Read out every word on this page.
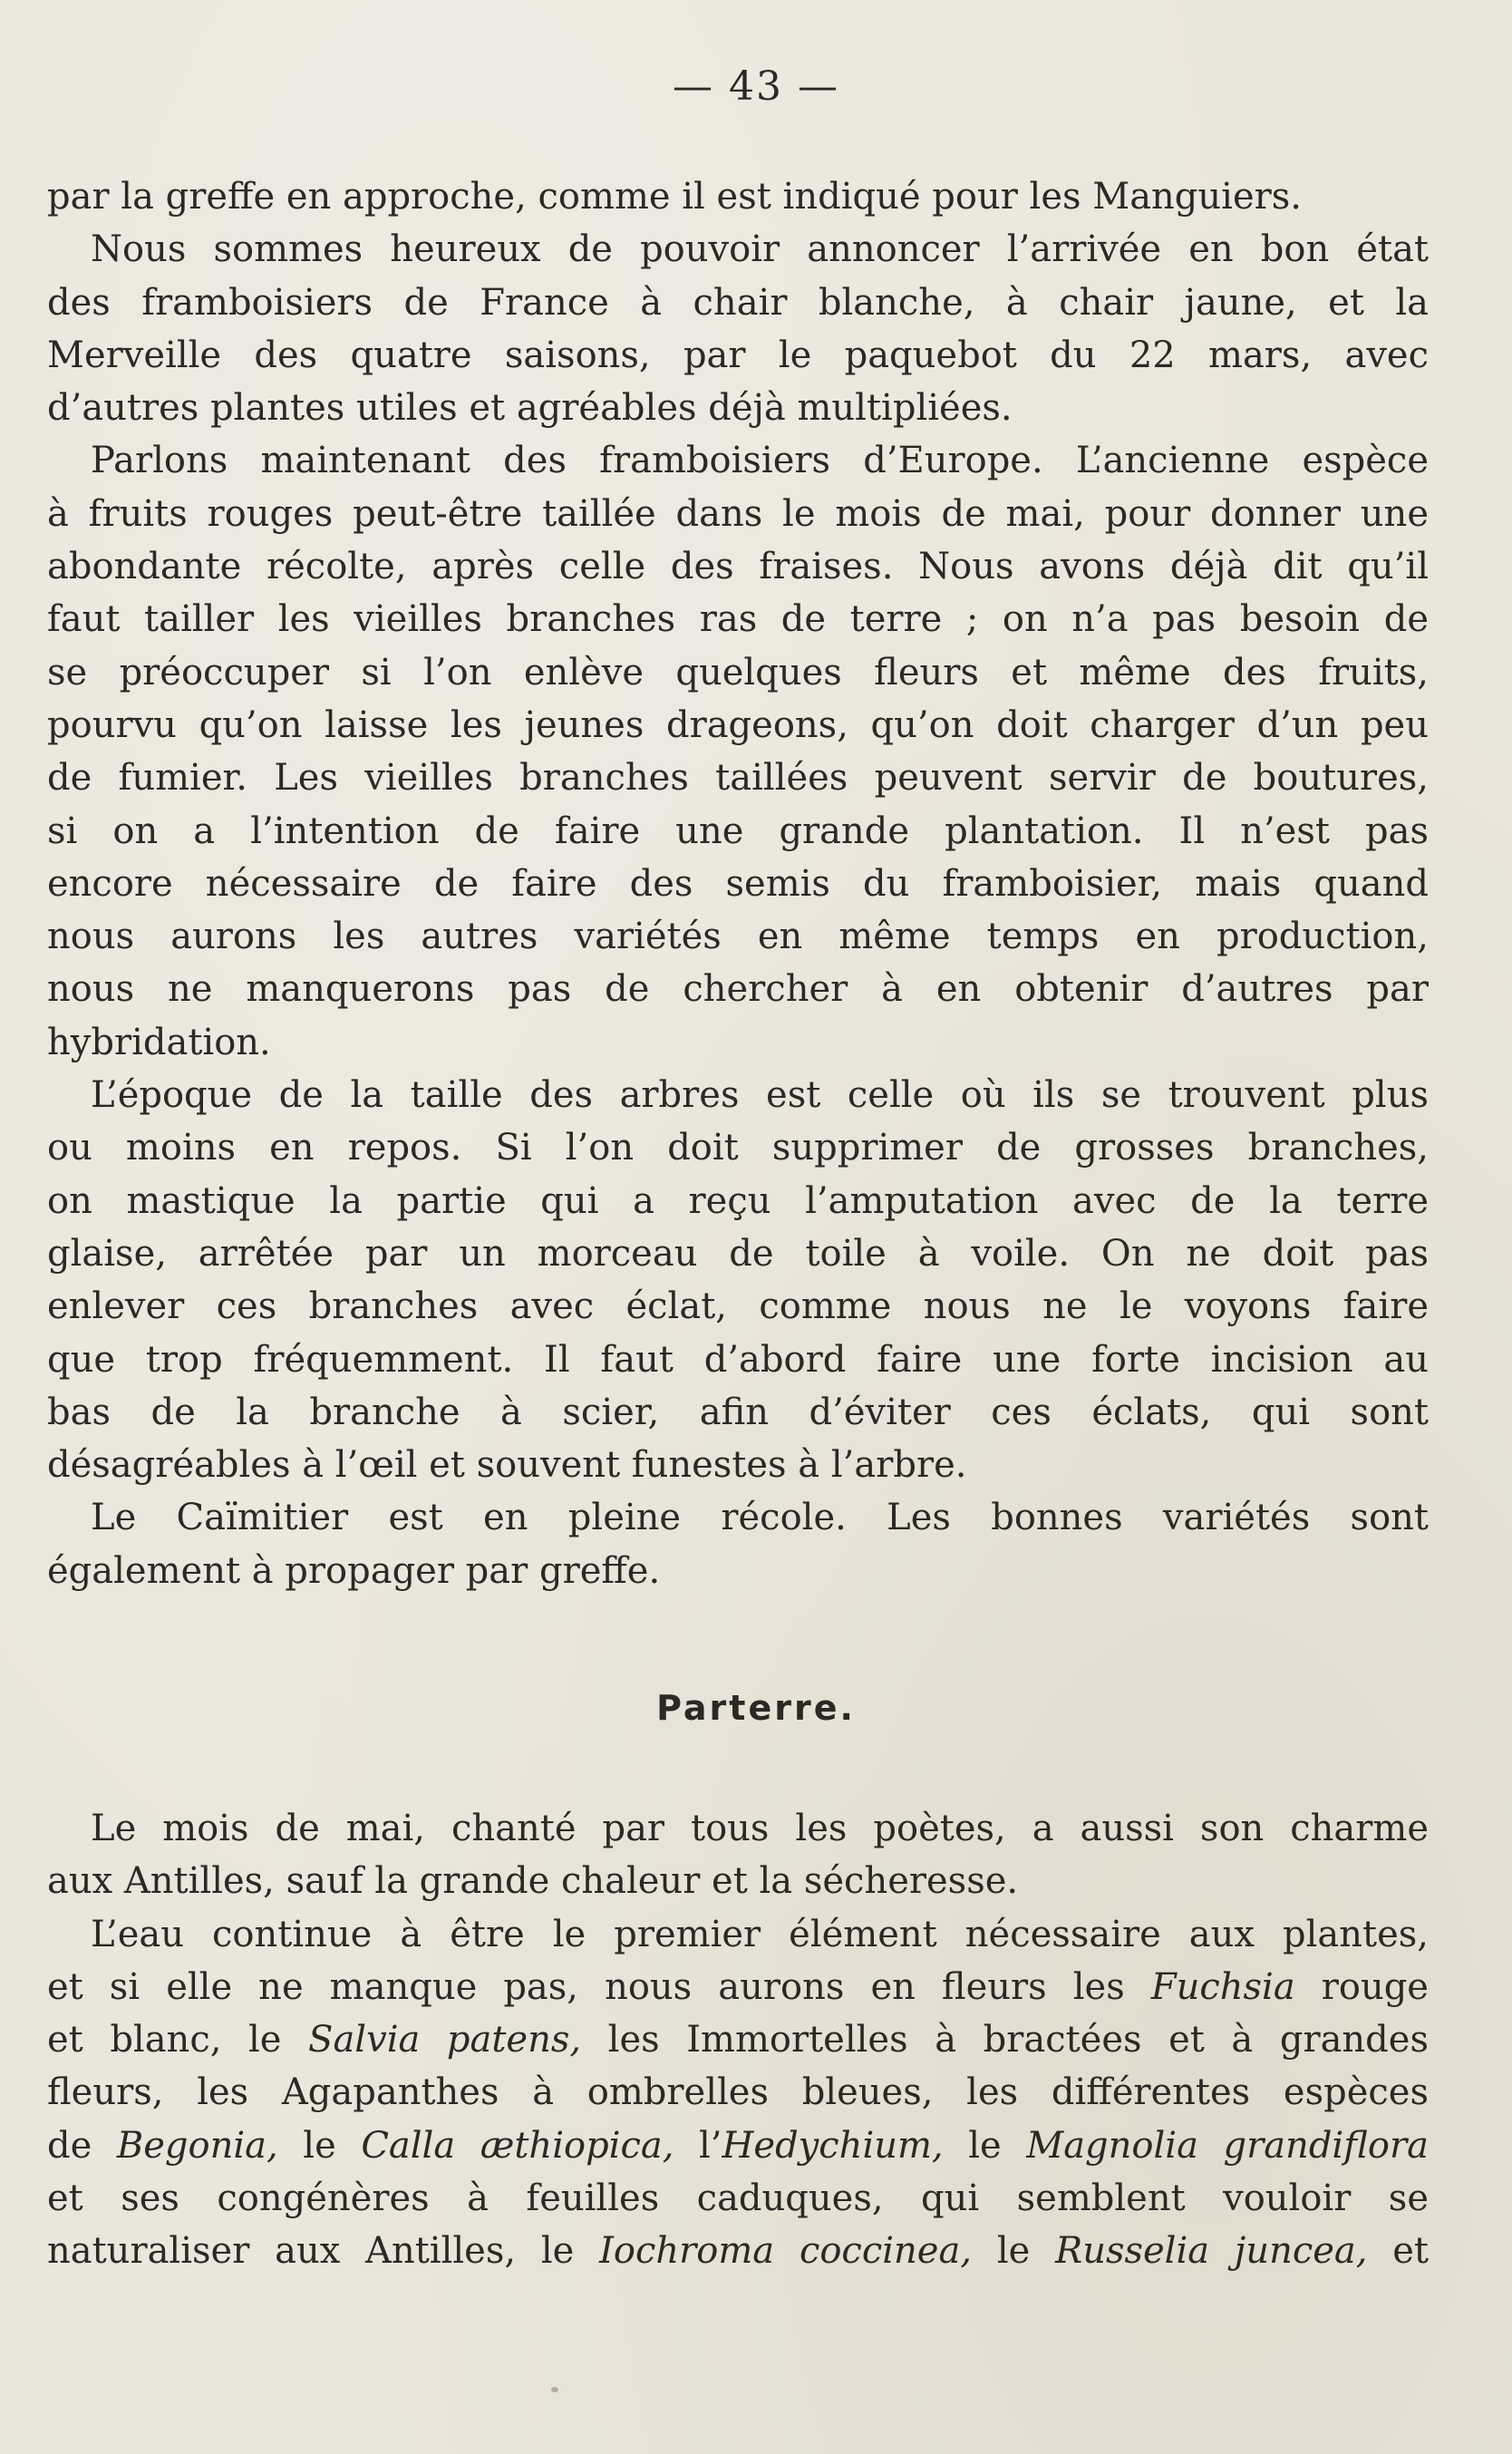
— 43 —

par la greffe en approche, comme il est indiqué pour les Manguiers.
Nous sommes heureux de pouvoir annoncer l’arrivée en bon état
des framboisiers de France à chair blanche, à chair jaune, et la
Merveille des quatre saisons, par le paquebot du 22 mars, avec
d’autres plantes utiles et agréables déjà multipliées.
Parlons maintenant des framboisiers d’Europe. L’ancienne espèce
à fruits rouges peut-être taillée dans le mois de mai, pour donner une
abondante récolte, après celle des fraises. Nous avons déjà dit qu’il
faut tailler les vieilles branches ras de terre ; on n’a pas besoin de
se préoccuper si l’on enlève quelques fleurs et même des fruits,
pourvu qu’on laisse les jeunes drageons, qu’on doit charger d’un peu
de fumier. Les vieilles branches taillées peuvent servir de boutures,
si on a l’intention de faire une grande plantation. Il n’est pas
encore nécessaire de faire des semis du framboisier, mais quand
nous aurons les autres variétés en même temps en production,
nous ne manquerons pas de chercher à en obtenir d’autres par
hybridation.
L’époque de la taille des arbres est celle où ils se trouvent plus
ou moins en repos. Si l’on doit supprimer de grosses branches,
on mastique la partie qui a reçu l’amputation avec de la terre
glaise, arrêtée par un morceau de toile à voile. On ne doit pas
enlever ces branches avec éclat, comme nous ne le voyons faire
que trop fréquemment. Il faut d’abord faire une forte incision au
bas de la branche à scier, afin d’éviter ces éclats, qui sont
désagréables à l’œil et souvent funestes à l’arbre.
Le Caïmitier est en pleine récole. Les bonnes variétés sont
également à propager par greffe.

Parterre.

Le mois de mai, chanté par tous les poètes, a aussi son charme
aux Antilles, sauf la grande chaleur et la sécheresse.
L’eau continue à être le premier élément nécessaire aux plantes,
et si elle ne manque pas, nous aurons en fleurs les Fuchsia rouge
et blanc, le Salvia patens, les Immortelles à bractées et à grandes
fleurs, les Agapanthes à ombrelles bleues, les différentes espèces
de Begonia, le Calla æthiopica, l’Hedychium, le Magnolia grandiflora
et ses congénères à feuilles caduques, qui semblent vouloir se
naturaliser aux Antilles, le Iochroma coccinea, le Russelia juncea, et
